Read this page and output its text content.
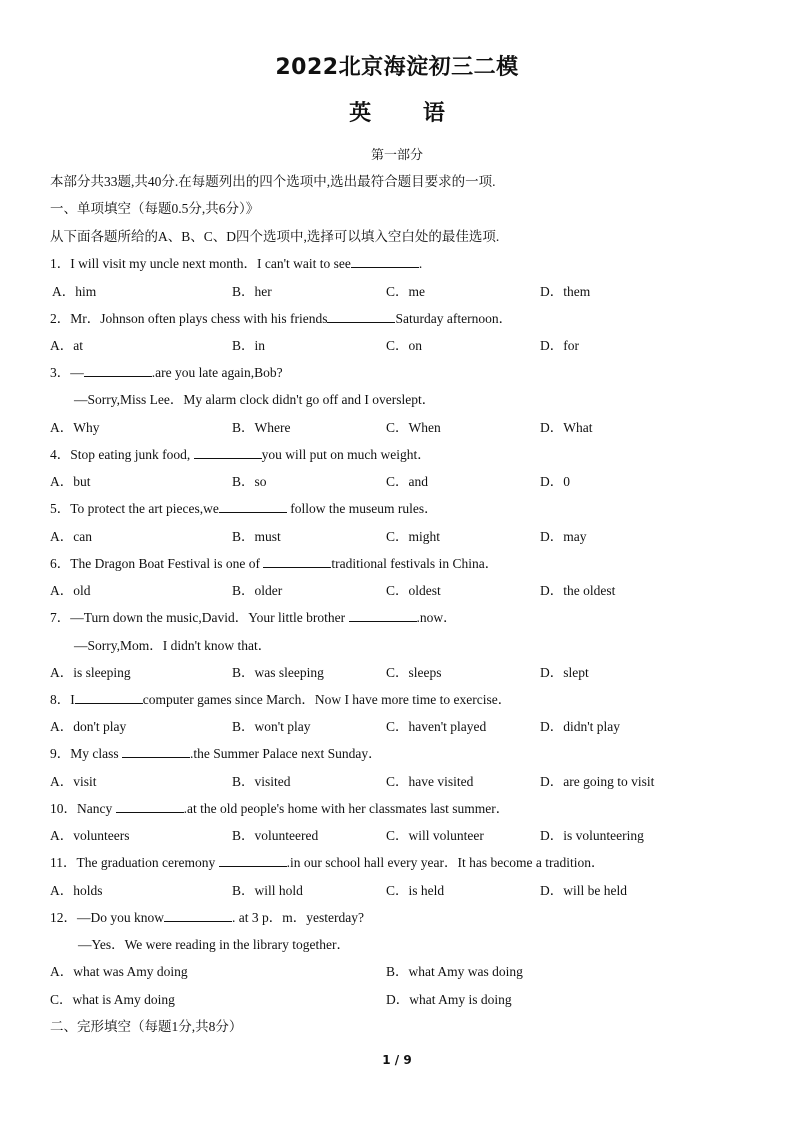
2022北京海淀初三二模
英 语
第一部分
本部分共33题,共40分.在每题列出的四个选项中,选出最符合题目要求的一项.
一、单项填空（每题0.5分,共6分）》
从下面各题所给的A、B、C、D四个选项中,选择可以填入空白处的最佳选项.
1．I will visit my uncle next month．I can't wait to see	.
A．him	B．her	C．me	D．them
2．Mr．Johnson often plays chess with his friends	Saturday afternoon．
A．at	B．in	C．on	D．for
3．—	.are you late again,Bob?
—Sorry,Miss Lee．My alarm clock didn't go off and I overslept．
A．Why	B．Where	C．When	D．What
4．Stop eating junk food,	you will put on much weight．
A．but	B．so	C．and	D．0
5．To protect the art pieces,we	follow the museum rules．
A．can	B．must	C．might	D．may
6．The Dragon Boat Festival is one of	traditional festivals in China．
A．old	B．older	C．oldest	D．the oldest
7．—Turn down the music,David．Your little brother	.now．
—Sorry,Mom．I didn't know that．
A．is sleeping	B．was sleeping	C．sleeps	D．slept
8．I	computer games since March．Now I have more time to exercise．
A．don't play	B．won't play	C．haven't played	D．didn't play
9．My class	.the Summer Palace next Sunday．
A．visit	B．visited	C．have visited	D．are going to visit
10．Nancy	.at the old people's home with her classmates last summer．
A．volunteers	B．volunteered	C．will volunteer	D．is volunteering
11．The graduation ceremony	.in our school hall every year．It has become a tradition．
A．holds	B．will hold	C．is held	D．will be held
12．—Do you know	. at 3 p．m．yesterday?
—Yes．We were reading in the library together．
A．what was Amy doing	B．what Amy was doing
C．what is Amy doing	D．what Amy is doing
二、完形填空（每题1分,共8分）
1 / 9
